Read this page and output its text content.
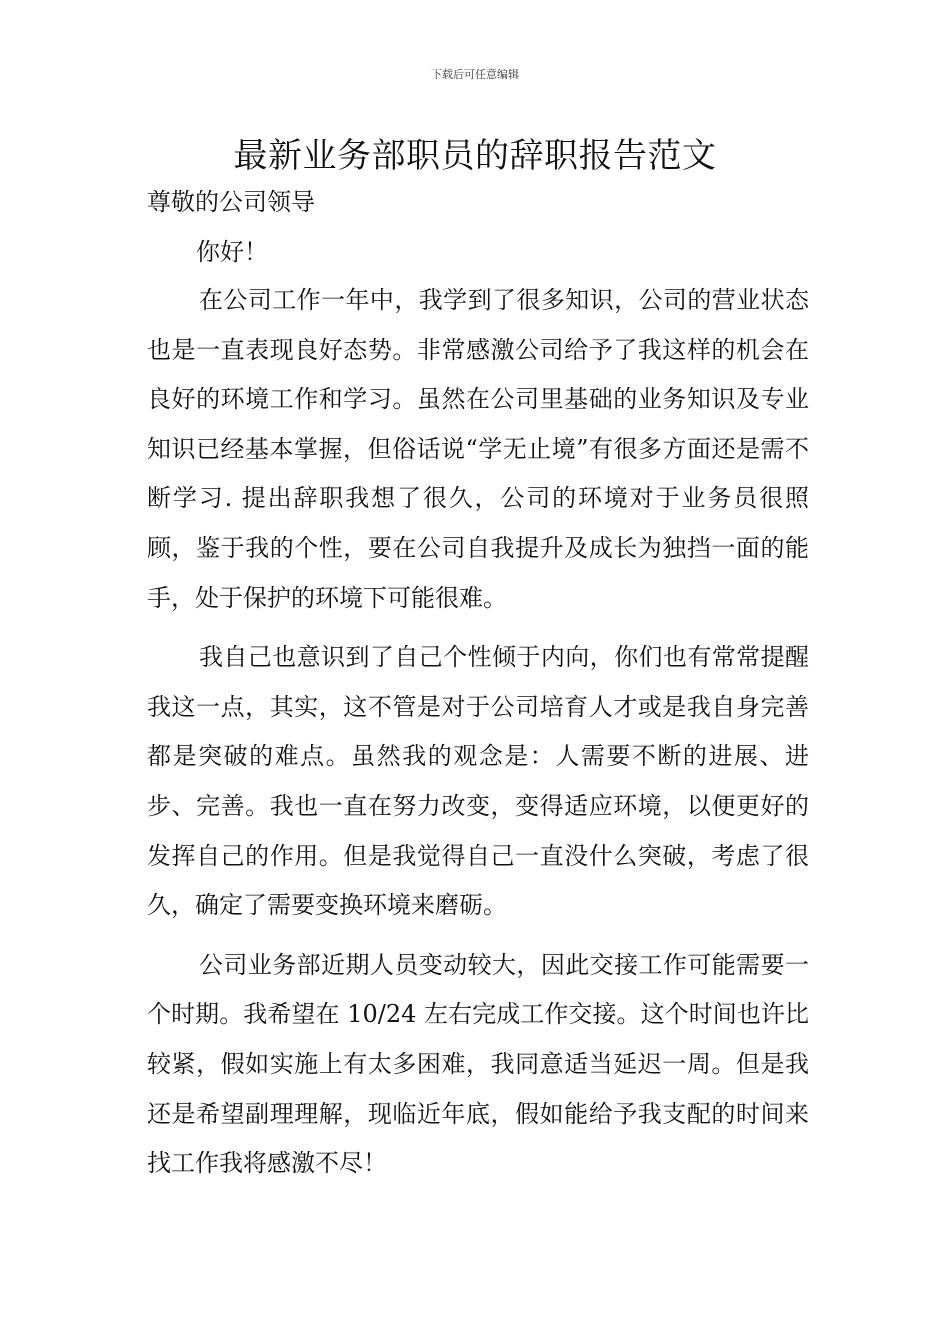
下载后可任意编辑
最新业务部职员的辞职报告范文
尊敬的公司领导
你好！

在公司工作一年中，我学到了很多知识，公司的营业状态也是一直表现良好态势。非常感激公司给予了我这样的机会在良好的环境工作和学习。虽然在公司里基础的业务知识及专业知识已经基本掌握，但俗话说“学无止境”有很多方面还是需不断学习. 提出辞职我想了很久，公司的环境对于业务员很照顾，鉴于我的个性，要在公司自我提升及成长为独挡一面的能手，处于保护的环境下可能很难。

我自己也意识到了自己个性倾于内向，你们也有常常提醒我这一点，其实，这不管是对于公司培育人才或是我自身完善都是突破的难点。虽然我的观念是：人需要不断的进展、进步、完善。我也一直在努力改变，变得适应环境，以便更好的发挥自己的作用。但是我觉得自己一直没什么突破，考虑了很久，确定了需要变换环境来磨砺。

公司业务部近期人员变动较大，因此交接工作可能需要一个时期。我希望在 10/24 左右完成工作交接。这个时间也许比较紧，假如实施上有太多困难，我同意适当延迟一周。但是我还是希望副理理解，现临近年底，假如能给予我支配的时间来找工作我将感激不尽！
